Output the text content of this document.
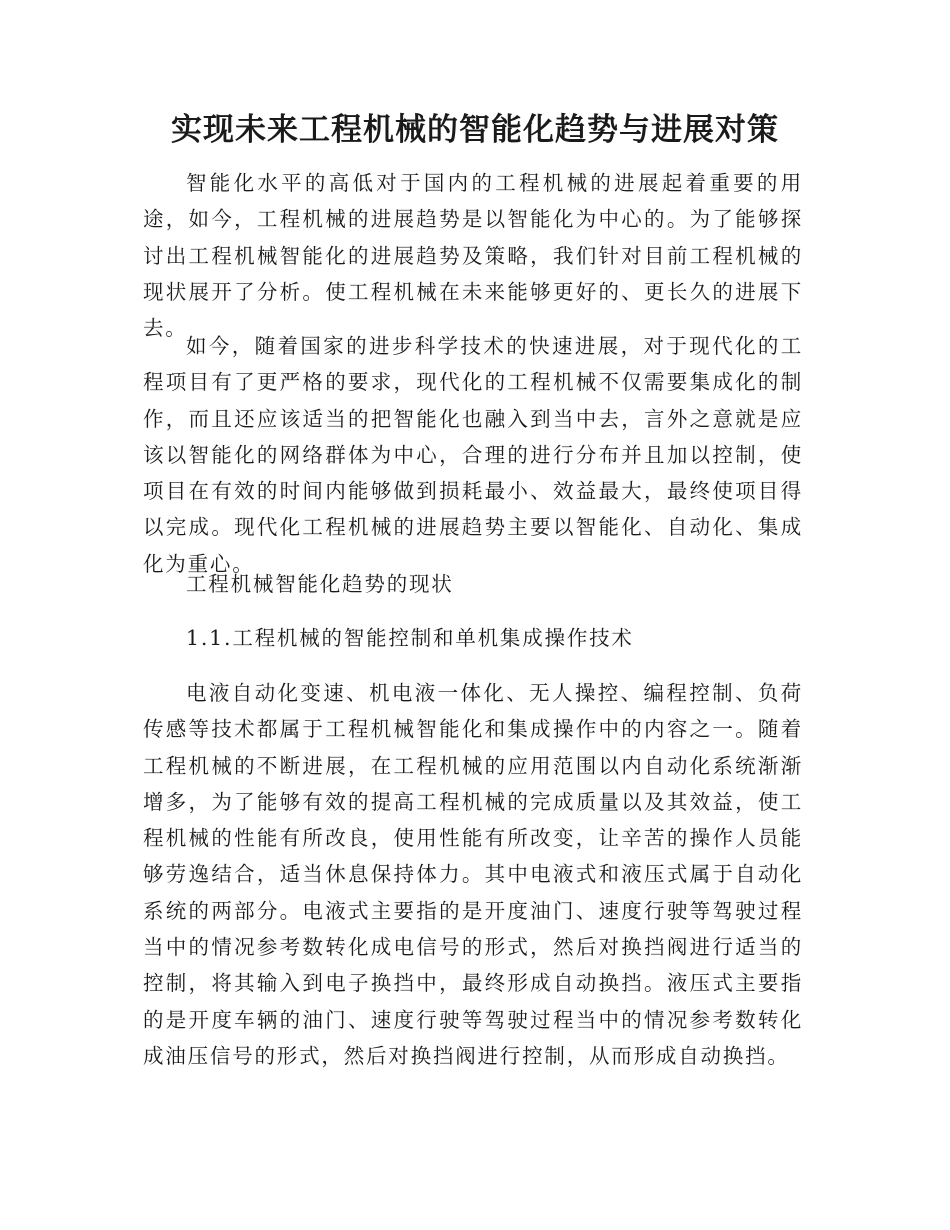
实现未来工程机械的智能化趋势与进展对策

智能化水平的高低对于国内的工程机械的进展起着重要的用途，如今，工程机械的进展趋势是以智能化为中心的。为了能够探讨出工程机械智能化的进展趋势及策略，我们针对目前工程机械的现状展开了分析。使工程机械在未来能够更好的、更长久的进展下去。

如今，随着国家的进步科学技术的快速进展，对于现代化的工程项目有了更严格的要求，现代化的工程机械不仅需要集成化的制作，而且还应该适当的把智能化也融入到当中去，言外之意就是应该以智能化的网络群体为中心，合理的进行分布并且加以控制，使项目在有效的时间内能够做到损耗最小、效益最大，最终使项目得以完成。现代化工程机械的进展趋势主要以智能化、自动化、集成化为重心。

工程机械智能化趋势的现状

1.1.工程机械的智能控制和单机集成操作技术

电液自动化变速、机电液一体化、无人操控、编程控制、负荷传感等技术都属于工程机械智能化和集成操作中的内容之一。随着工程机械的不断进展，在工程机械的应用范围以内自动化系统渐渐增多，为了能够有效的提高工程机械的完成质量以及其效益，使工程机械的性能有所改良，使用性能有所改变，让辛苦的操作人员能够劳逸结合，适当休息保持体力。其中电液式和液压式属于自动化系统的两部分。电液式主要指的是开度油门、速度行驶等驾驶过程当中的情况参考数转化成电信号的形式，然后对换挡阀进行适当的控制，将其输入到电子换挡中，最终形成自动换挡。液压式主要指的是开度车辆的油门、速度行驶等驾驶过程当中的情况参考数转化成油压信号的形式，然后对换挡阀进行控制，从而形成自动换挡。
